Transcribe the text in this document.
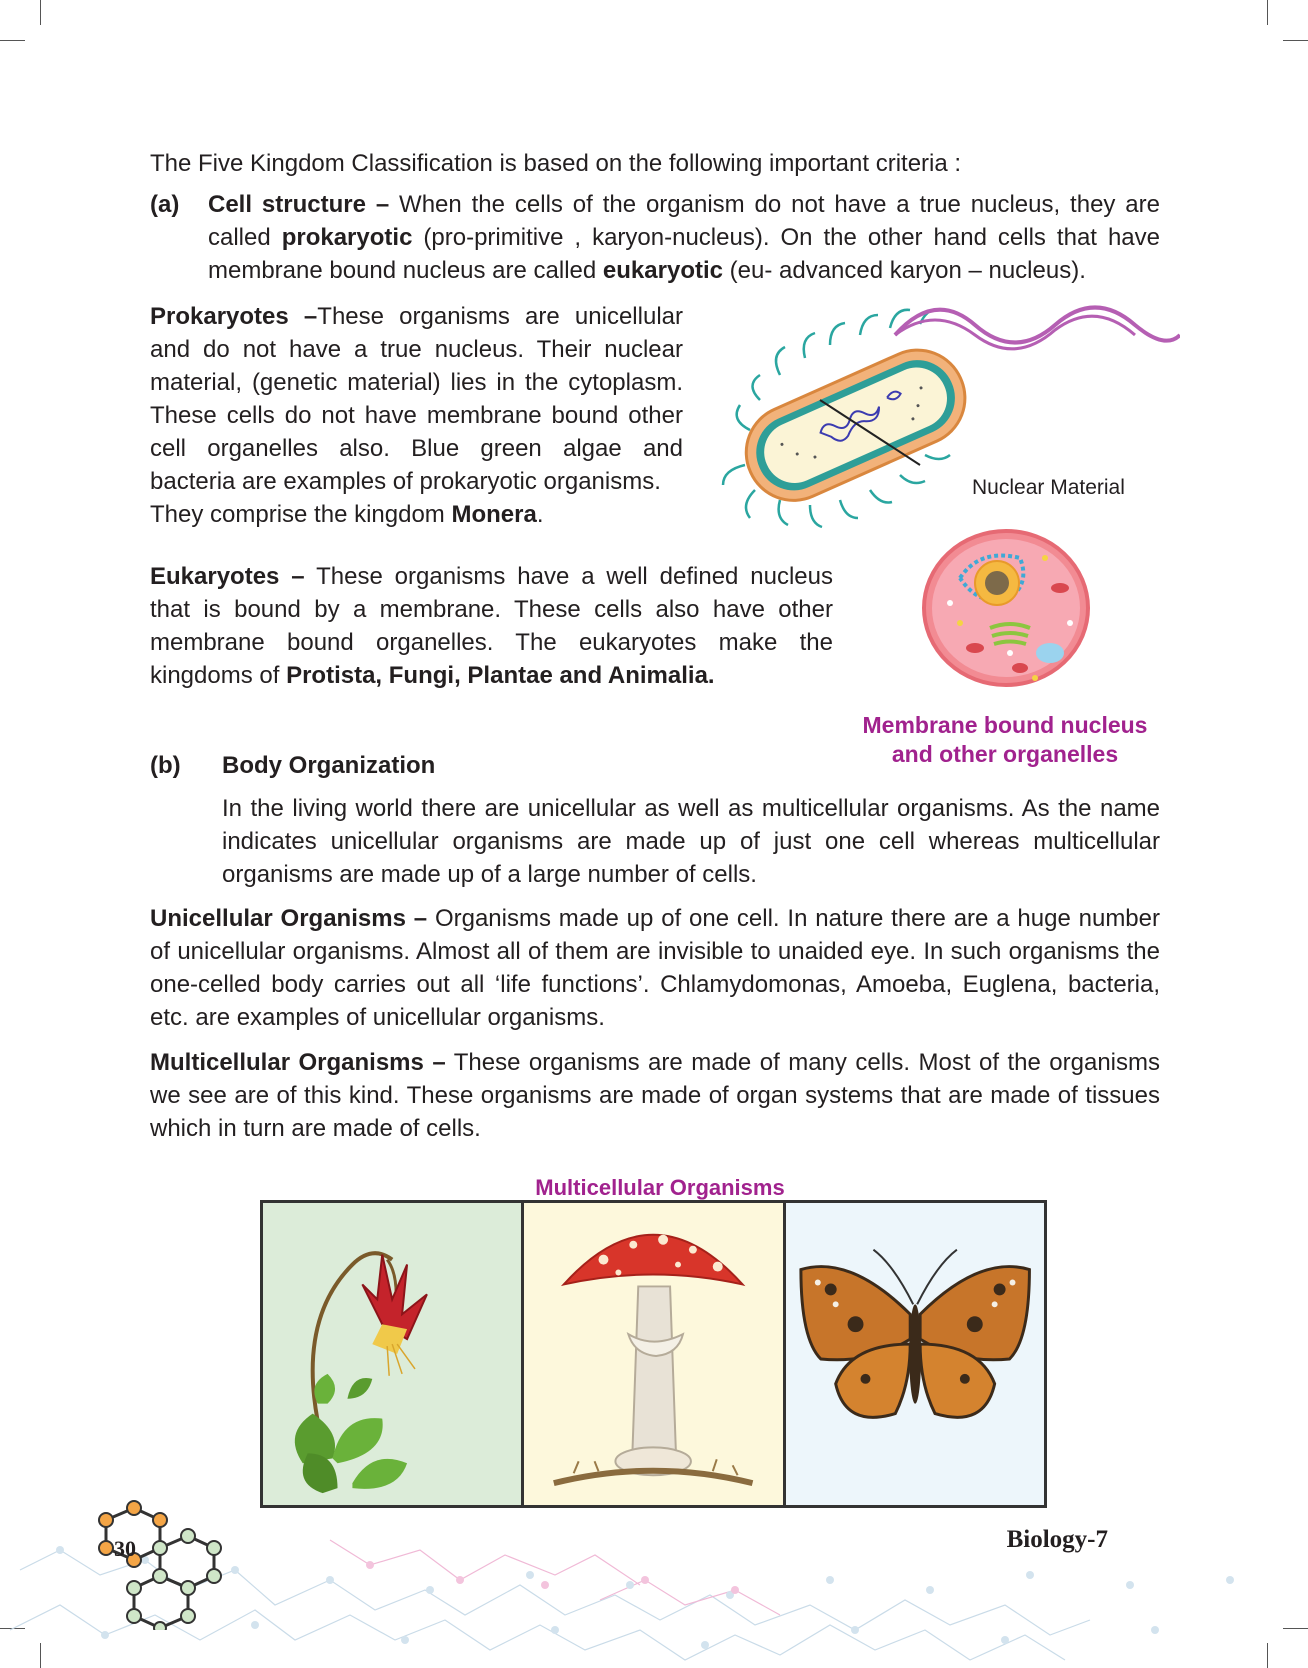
The Five Kingdom Classification is based on the following important criteria :

(a) Cell structure – When the cells of the organism do not have a true nucleus, they are called prokaryotic (pro-primitive , karyon-nucleus). On the other hand cells that have membrane bound nucleus are called eukaryotic (eu- advanced karyon – nucleus).

Prokaryotes –These organisms are unicellular and do not have a true nucleus. Their nuclear material, (genetic material) lies in the cytoplasm. These cells do not have membrane bound other cell organelles also. Blue green algae and bacteria are examples of prokaryotic organisms.

They comprise the kingdom Monera.

Nuclear Material

Eukaryotes – These organisms have a well defined nucleus that is bound by a membrane. These cells also have other membrane bound organelles. The eukaryotes make the kingdoms of Protista, Fungi, Plantae and Animalia.

Membrane bound nucleus
and other organelles
(b) Body Organization

In the living world there are unicellular as well as multicellular organisms. As the name indicates unicellular organisms are made up of just one cell whereas multicellular organisms are made up of a large number of cells.

Unicellular Organisms – Organisms made up of one cell. In nature there are a huge number of unicellular organisms. Almost all of them are invisible to unaided eye. In such organisms the one-celled body carries out all ‘life functions’. Chlamydomonas, Amoeba, Euglena, bacteria, etc. are examples of unicellular organisms.

Multicellular Organisms – These organisms are made of many cells. Most of the organisms we see are of this kind. These organisms are made of organ systems that are made of tissues which in turn are made of cells.

Multicellular Organisms
30	Biology-7
